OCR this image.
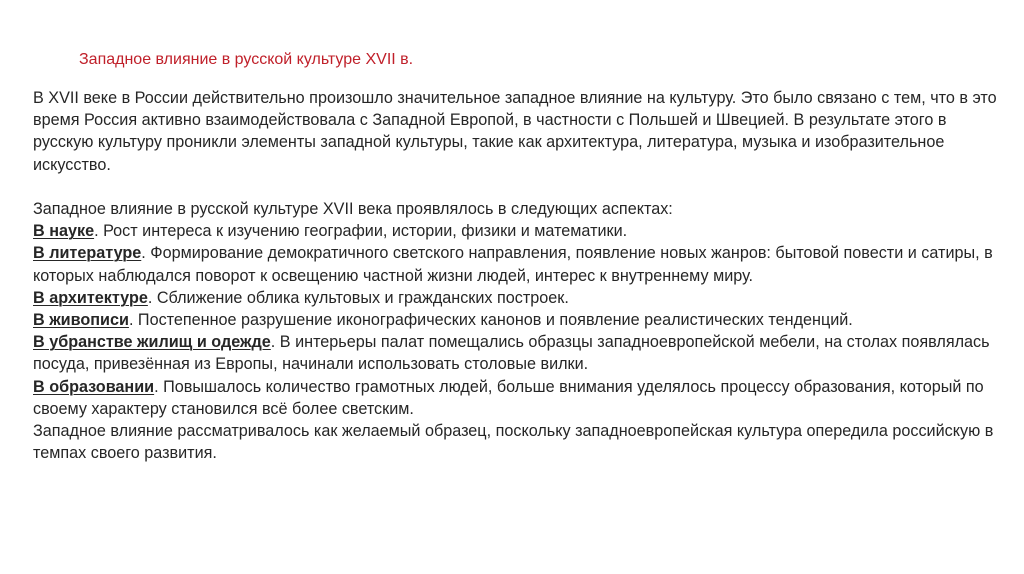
Западное влияние в русской культуре XVII в.

В XVII веке в России действительно произошло значительное западное влияние на культуру. Это было связано с тем, что в это время Россия активно взаимодействовала с Западной Европой, в частности с Польшей и Швецией. В результате этого в русскую культуру проникли элементы западной культуры, такие как архитектура, литература, музыка и изобразительное искусство.

Западное влияние в русской культуре XVII века проявлялось в следующих аспектах:

В науке. Рост интереса к изучению географии, истории, физики и математики.

В литературе. Формирование демократичного светского направления, появление новых жанров: бытовой повести и сатиры, в которых наблюдался поворот к освещению частной жизни людей, интерес к внутреннему миру.

В архитектуре. Сближение облика культовых и гражданских построек.

В живописи. Постепенное разрушение иконографических канонов и появление реалистических тенденций.

В убранстве жилищ и одежде. В интерьеры палат помещались образцы западноевропейской мебели, на столах появлялась посуда, привезённая из Европы, начинали использовать столовые вилки.

В образовании. Повышалось количество грамотных людей, больше внимания уделялось процессу образования, который по своему характеру становился всё более светским.

Западное влияние рассматривалось как желаемый образец, поскольку западноевропейская культура опередила российскую в темпах своего развития.
